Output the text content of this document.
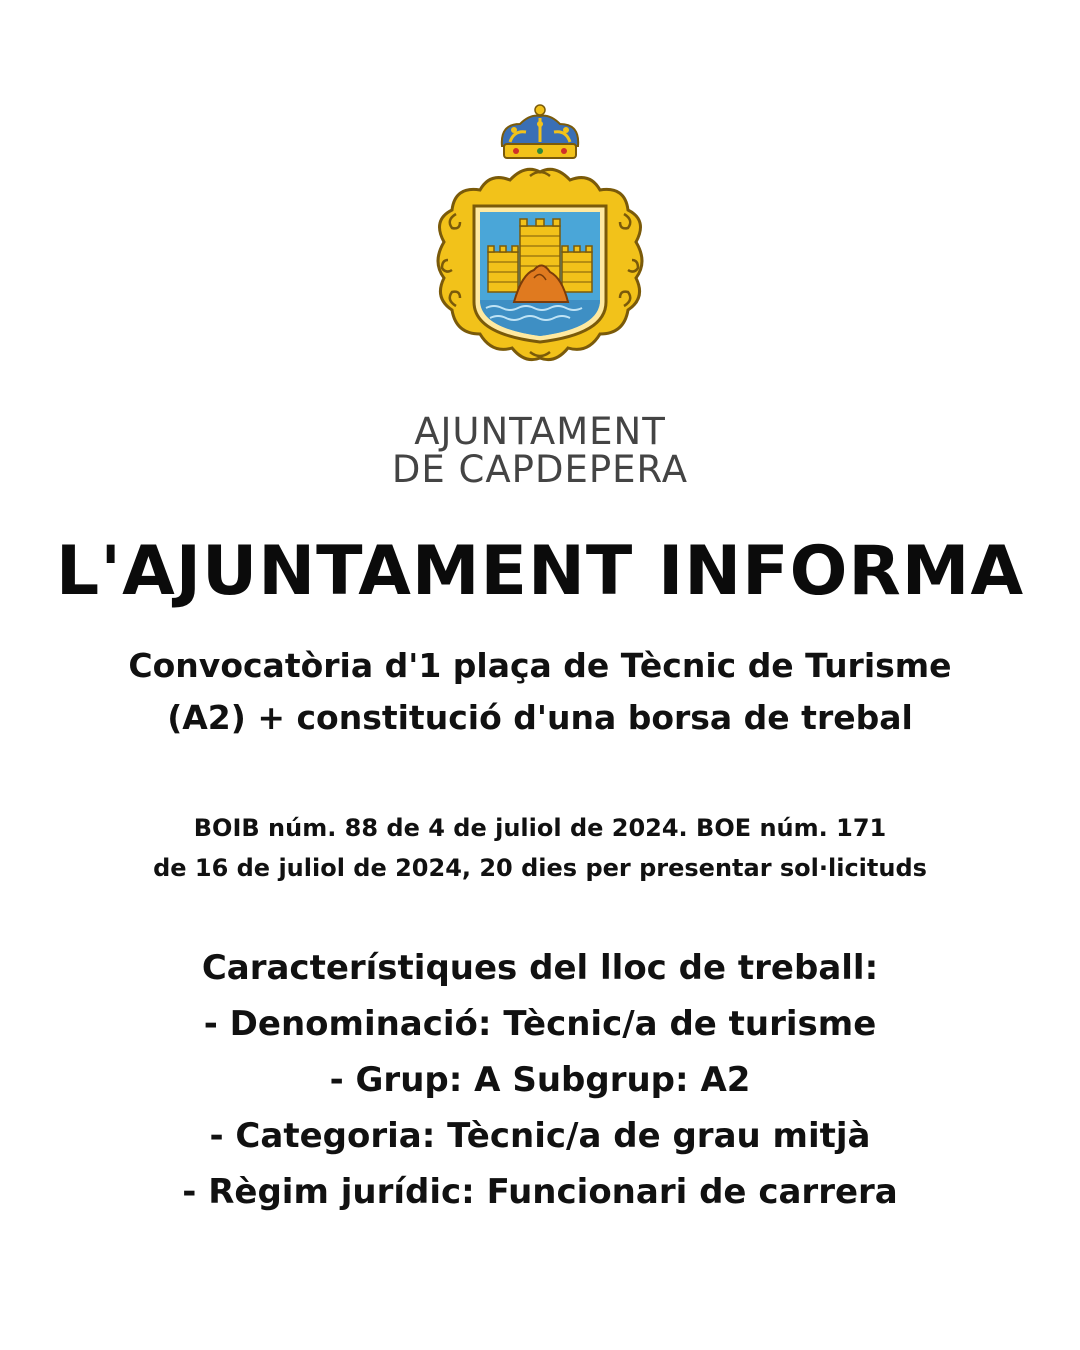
AJUNTAMENT
DE CAPDEPERA
L'AJUNTAMENT INFORMA
Convocatòria d'1 plaça de Tècnic de Turisme
(A2) + constitució d'una borsa de trebal
BOIB núm. 88 de 4 de juliol de 2024. BOE núm. 171
de 16 de juliol de 2024, 20 dies per presentar sol·licituds
Característiques del lloc de treball:
- Denominació: Tècnic/a de turisme
- Grup: A Subgrup: A2
- Categoria: Tècnic/a de grau mitjà
- Règim jurídic: Funcionari de carrera
